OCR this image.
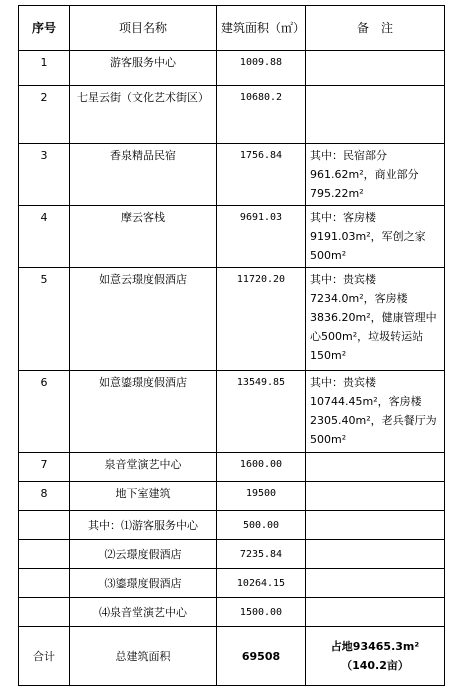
序号	项目名称	建筑面积（㎡）	备　注
1	游客服务中心	1009.88	
2	七星云街（文化艺术街区）	10680.2	
3	香泉精品民宿	1756.84	其中：民宿部分961.62m²，商业部分795.22m²
4	摩云客栈	9691.03	其中：客房楼9191.03m²，军创之家500m²
5	如意云璟度假酒店	11720.20	其中：贵宾楼7234.0m²，客房楼3836.20m²，健康管理中心500m²，垃圾转运站150m²
6	如意鎏璟度假酒店	13549.85	其中：贵宾楼10744.45m²，客房楼2305.40m²，老兵餐厅为500m²
7	泉音堂演艺中心	1600.00	
8	地下室建筑	19500	
	其中：⑴游客服务中心	500.00	
	⑵云璟度假酒店	7235.84	
	⑶鎏璟度假酒店	10264.15	
	⑷泉音堂演艺中心	1500.00	
合计	总建筑面积	69508	占地93465.3m²（140.2亩）
